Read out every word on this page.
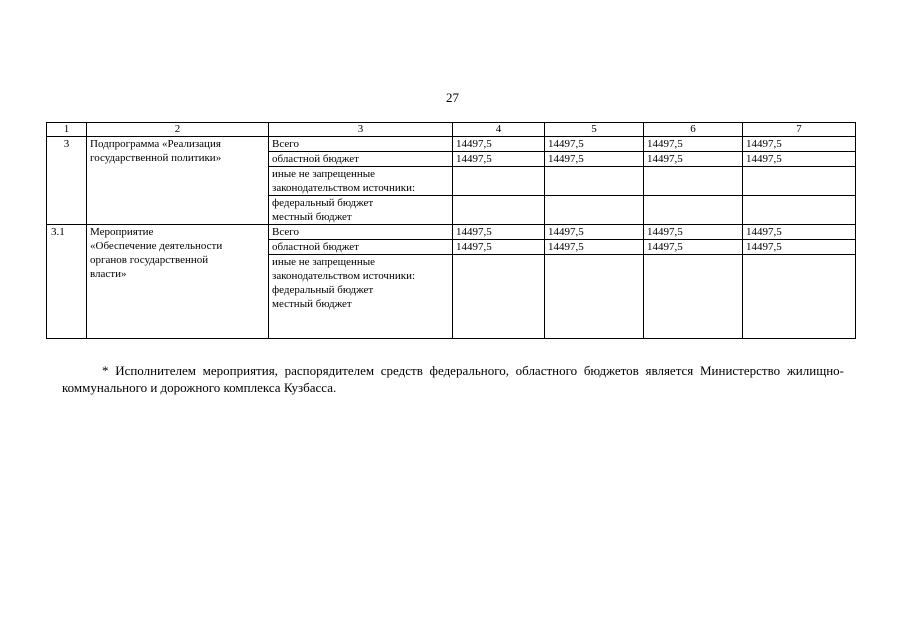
27
1	2	3	4	5	6	7
3	Подпрограмма «Реализация
государственной политики»	Всего	14497,5	14497,5	14497,5	14497,5

		областной бюджет	14497,5	14497,5	14497,5	14497,5

		иные не запрещенные
законодательством источники:				

		федеральный бюджет
местный бюджет				

3.1	Мероприятие
«Обеспечение деятельности
органов государственной
власти»	Всего	14497,5	14497,5	14497,5	14497,5

		областной бюджет	14497,5	14497,5	14497,5	14497,5

		иные не запрещенные
законодательством источники:
федеральный бюджет
местный бюджет				

* Исполнителем мероприятия, распорядителем средств федерального, областного бюджетов является Министерство жилищно-коммунального и дорожного комплекса Кузбасса.
